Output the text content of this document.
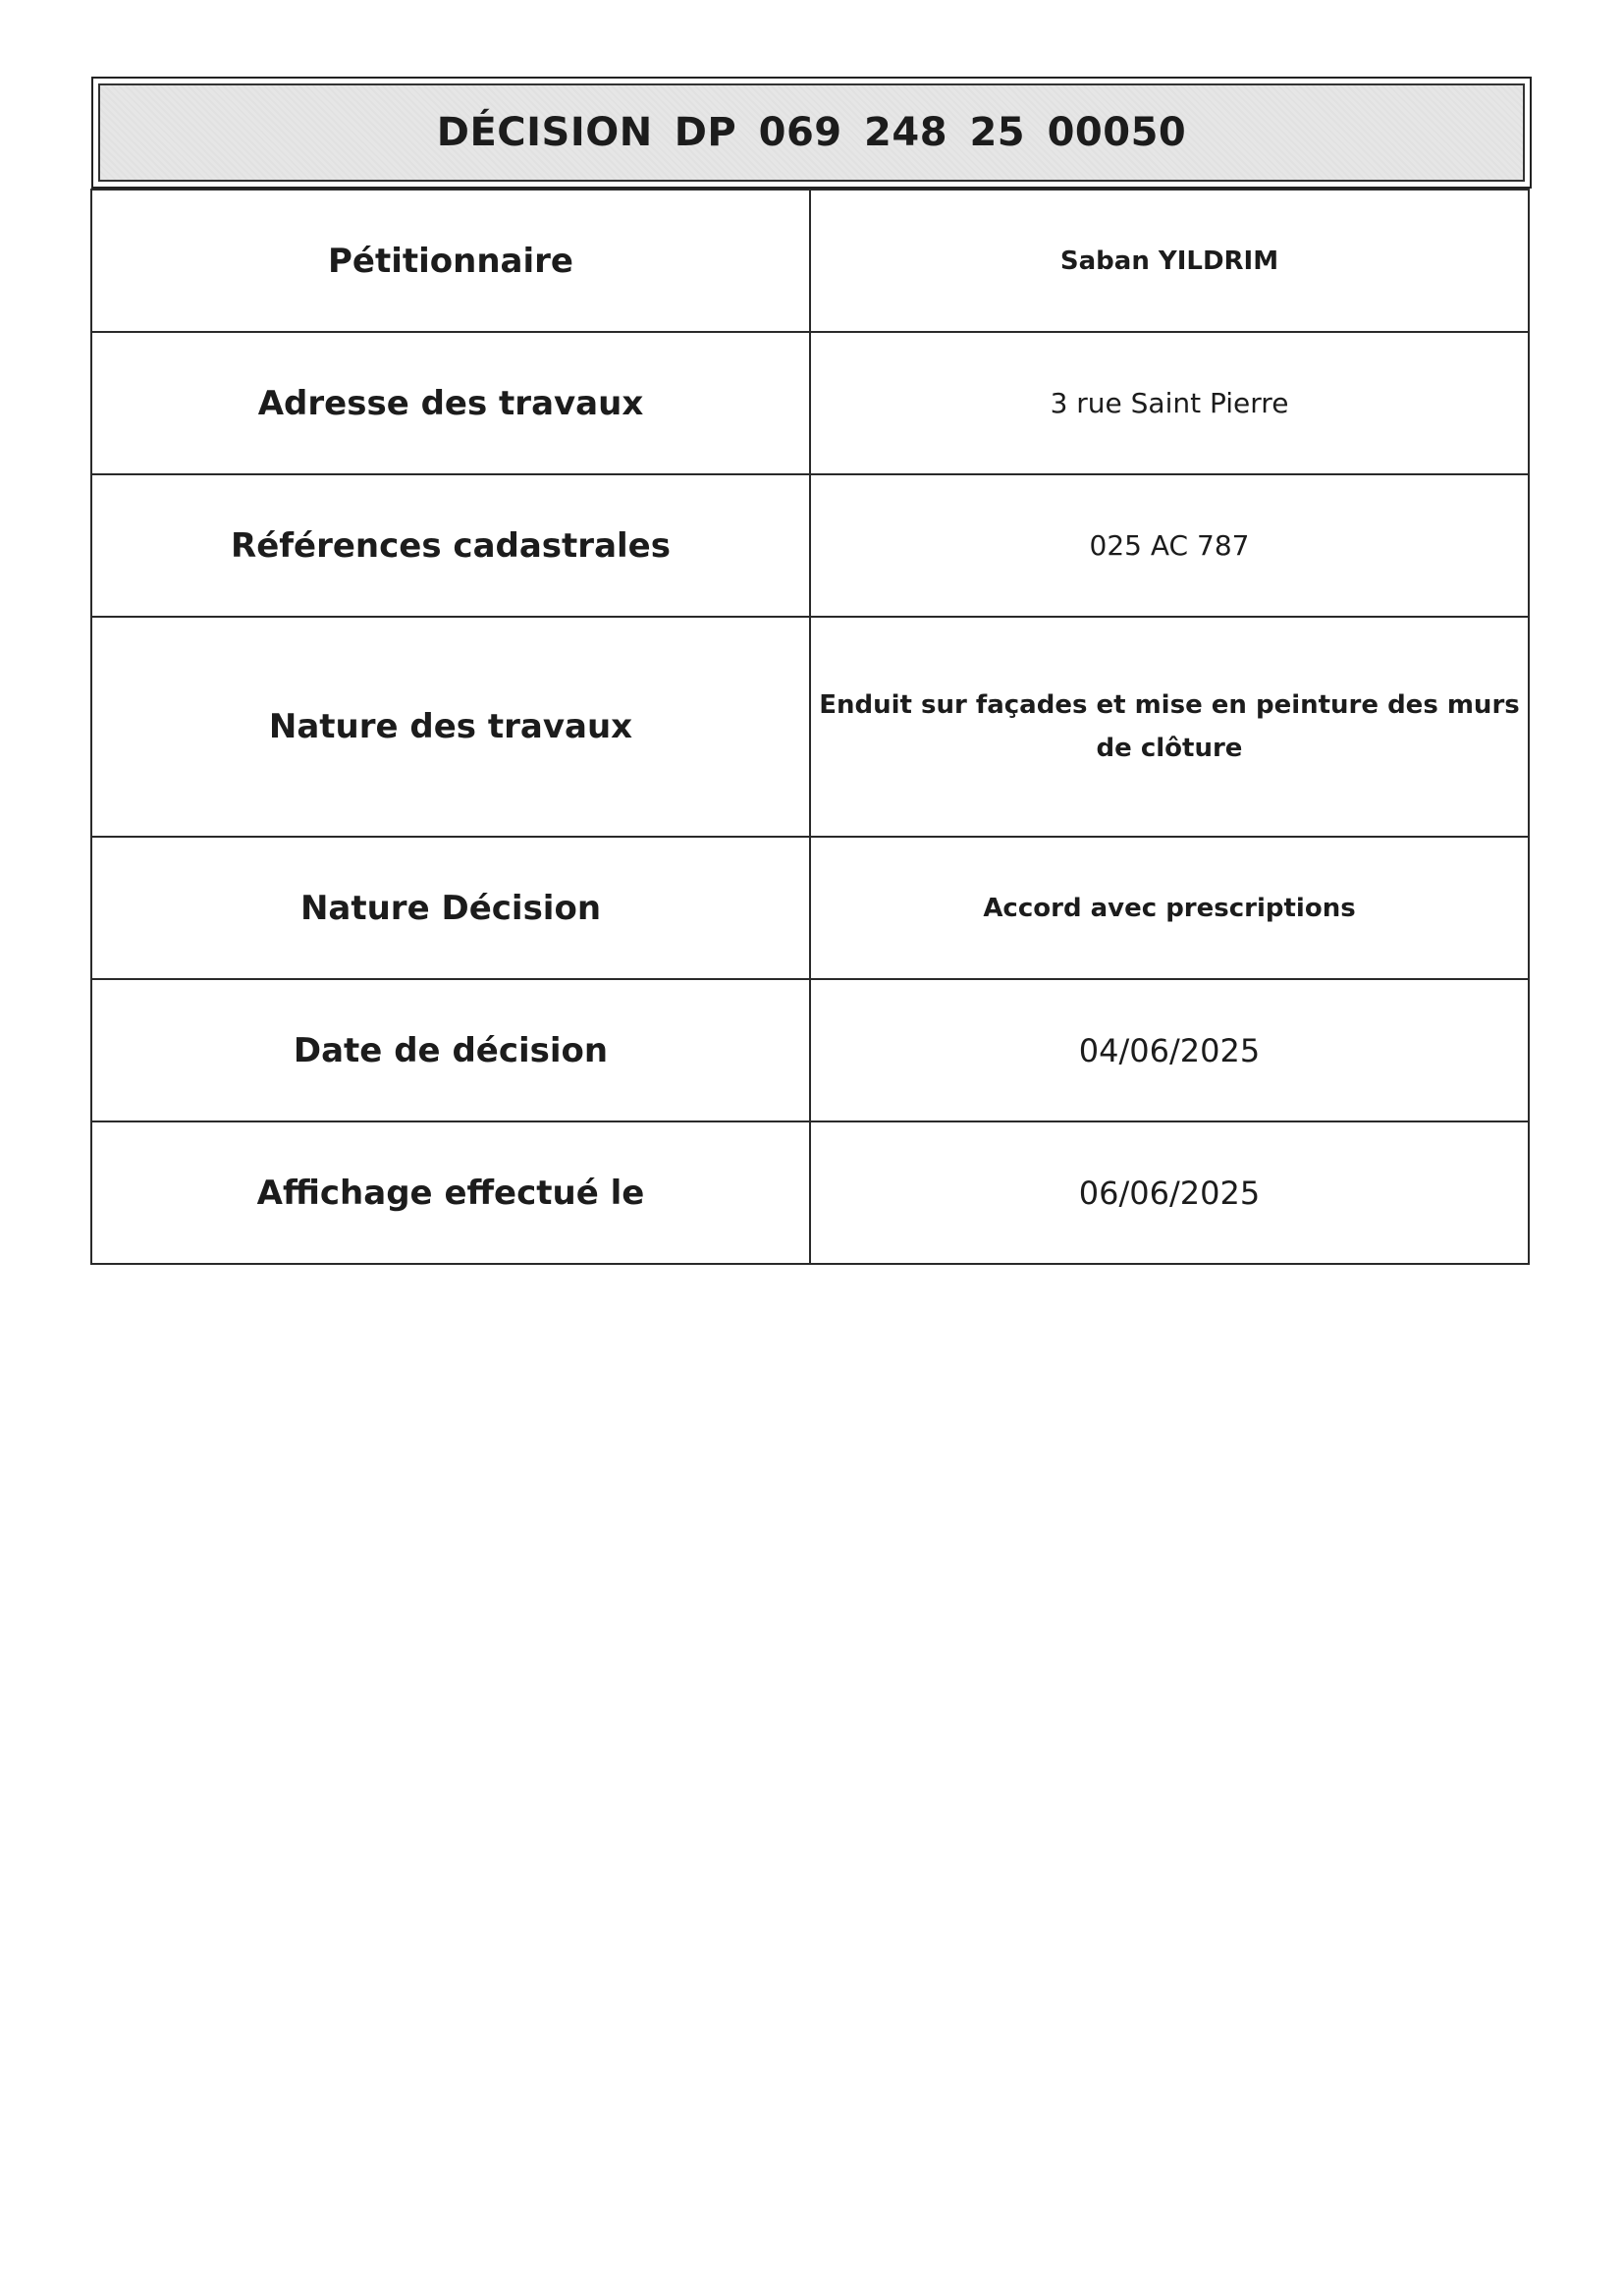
DÉCISION DP 069 248 25 00050
Pétitionnaire	Saban YILDRIM
Adresse des travaux	3 rue Saint Pierre
Références cadastrales	025 AC 787
Nature des travaux	Enduit sur façades et mise en peinture des murs de clôture
Nature Décision	Accord avec prescriptions
Date de décision	04/06/2025
Affichage effectué le	06/06/2025
